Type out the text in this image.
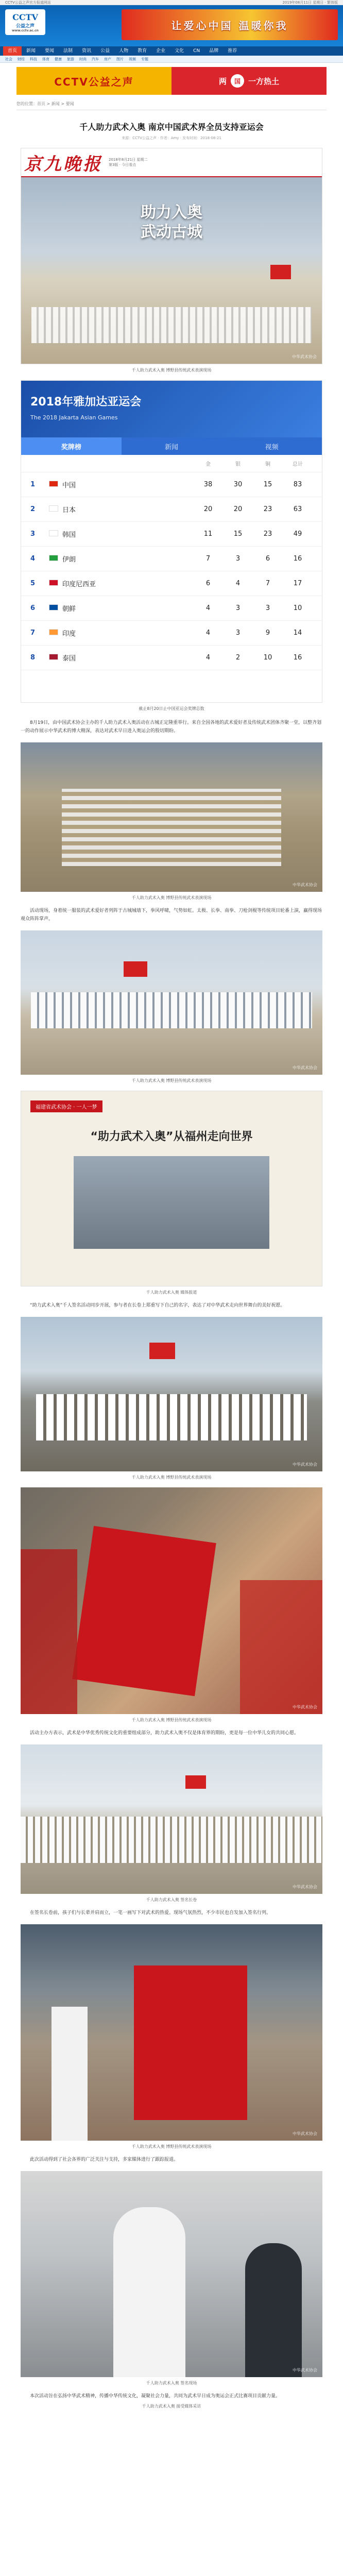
CCTV公益之声官方报道网站	2019年08月11日 星期日 · 繁体版
CCTV
公益之声
www.cctv.ac.cn	让爱心中国 温暖你我
首页	新闻	要闻	法制	资讯	公益	人物	教育	企业	文化	CN	品牌	推荐
社会 财经 科技 体育 健康 旅游 时尚 汽车 房产 图片 视频 专题
CCTV公益之声	两	国	一方热土
您的位置：首页 > 新闻 > 要闻
千人助力武术入奥 南京中国武术界全员支持亚运会
来源：CCTV公益之声 · 作者：Amy · 发布时间：2018-08-21
京九晚报 2018年8月21日 星期二
第3版 · 今日看点
助力入奥
武动古城
中华武术协会
千人助力武术入奥 博野县传统武术表演现场
2018年雅加达亚运会
The 2018 Jakarta Asian Games
奖牌榜	新闻	视频
金	银	铜	总计
1	中国	38	30	15	83
2	日本	20	20	23	63
3	韩国	11	15	23	49
4	伊朗	7	3	6	16
5	印度尼西亚	6	4	7	17
6	朝鲜	4	3	3	10
7	印度	4	3	9	14
8	泰国	4	2	10	16
截止8月20日止中国亚运会奖牌总数
8月19日，由中国武术协会主办的千人助力武术入奥活动在古城正定隆重举行。来自全国各地的武术爱好者及传统武术团体齐聚一堂，以整齐划一的动作展示中华武术的博大精深，表达对武术早日进入奥运会的殷切期盼。
中华武术协会
千人助力武术入奥 博野县传统武术表演现场
活动现场，身着统一服装的武术爱好者列阵于古城城墙下，拳风呼啸，气势如虹。太极、长拳、南拳、刀枪剑棍等传统项目轮番上演，赢得现场观众阵阵掌声。
中华武术协会
千人助力武术入奥 博野县传统武术表演现场
福建省武术协会 · 一人一梦
“助力武术入奥”从福州走向世界
千人助力武术入奥 媒体报道
“助力武术入奥”千人签名活动同步开展，参与者在长卷上郑重写下自己的名字，表达了对中华武术走向世界舞台的美好祝愿。
中华武术协会
千人助力武术入奥 博野县传统武术表演现场
中华武术协会
千人助力武术入奥 博野县传统武术表演现场
活动主办方表示，武术是中华优秀传统文化的重要组成部分，助力武术入奥不仅是体育界的期盼，更是每一位中华儿女的共同心愿。
中华武术协会
千人助力武术入奥 签名长卷
在签名长卷前，孩子们与长辈并肩而立，一笔一画写下对武术的热爱。现场气氛热烈，不少市民也自发加入签名行列。
中华武术协会
千人助力武术入奥 博野县传统武术表演现场
此次活动得到了社会各界的广泛关注与支持，多家媒体进行了跟踪报道。
中华武术协会
千人助力武术入奥 签名现场
本次活动旨在弘扬中华武术精神，传播中华传统文化，凝聚社会力量，共同为武术早日成为奥运会正式比赛项目贡献力量。
千人助力武术入奥 接受媒体采访
